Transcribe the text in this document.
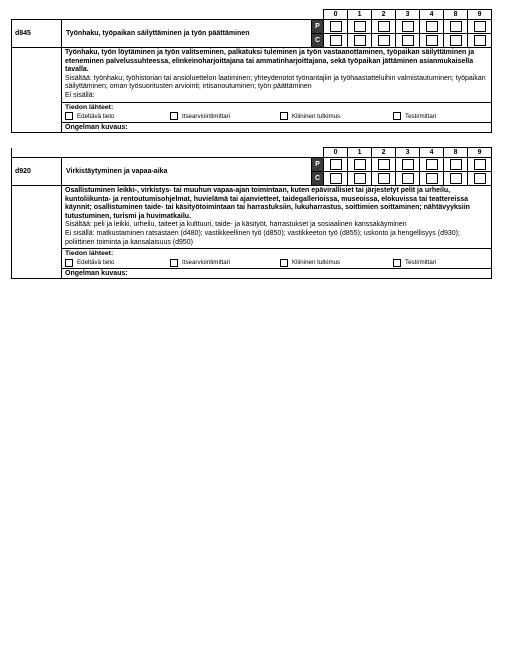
			0	1	2	3	4	8	9
d845	Työnhaku, työpaikan säilyttäminen ja työn päättäminen	P							
		C							
	Työnhaku, työn löytäminen ja työn valitseminen, palkatuksi tuleminen ja työn vastaanottaminen, työpaikan säilyttäminen ja eteneminen palvelussuhteessa, elinkeinoharjoittajana tai ammatinharjoittajana, sekä työpaikan jättäminen asianmukaisella tavalla.
Sisältää: työnhaku; työhistorian tai ansioluettelon laatiminen; yhteydenotot työnantajiin ja työhaastatteluihin valmistautuminen; työpaikan säilyttäminen; oman työsuoritusten arviointi; irtisanoutuminen; työn päättäminen
Ei sisällä:								

	Tiedon lähteet:
Edeltävä tieto Itsearviointimittari Kliininen tutkimus Testi/mittari								

	Ongelman kuvaus:								
			0	1	2	3	4	8	9
d920	Virkistäytyminen ja vapaa-aika	P							
		C							
	Osallistuminen leikki-, virkistys- tai muuhun vapaa-ajan toimintaan, kuten epävirallisiet tai järjestetyt pelit ja urheilu, kuntoliikunta- ja rentoutumisohjelmat, huvielämä tai ajanvietteet, taidegallerioissa, museoissa, elokuvissa tai teattereissa käynnit; osallistuminen taide- tai käsityötoimintaan tai harrastuksiin, lukuharrastus, soittimien soittaminen; nähtävyyksiin tutustuminen, turismi ja huvimatkailu.
Sisältää: peli ja leikki, urheilu, taiteet ja kulttuuri, taide- ja käsityöt, harrastukset ja sosiaalinen kanssakäyminen
Ei sisällä: matkustaminen ratsastaen (d480); vastikkeellinen työ (d850); vastikkeeton työ (d855); uskonto ja hengellisyys (d930); poliittinen toiminta ja kansalaisuus (d950)								

	Tiedon lähteet:
Edeltävä tieto Itsearviointimittari Kliininen tutkimus Testi/mittari								

	Ongelman kuvaus:								
